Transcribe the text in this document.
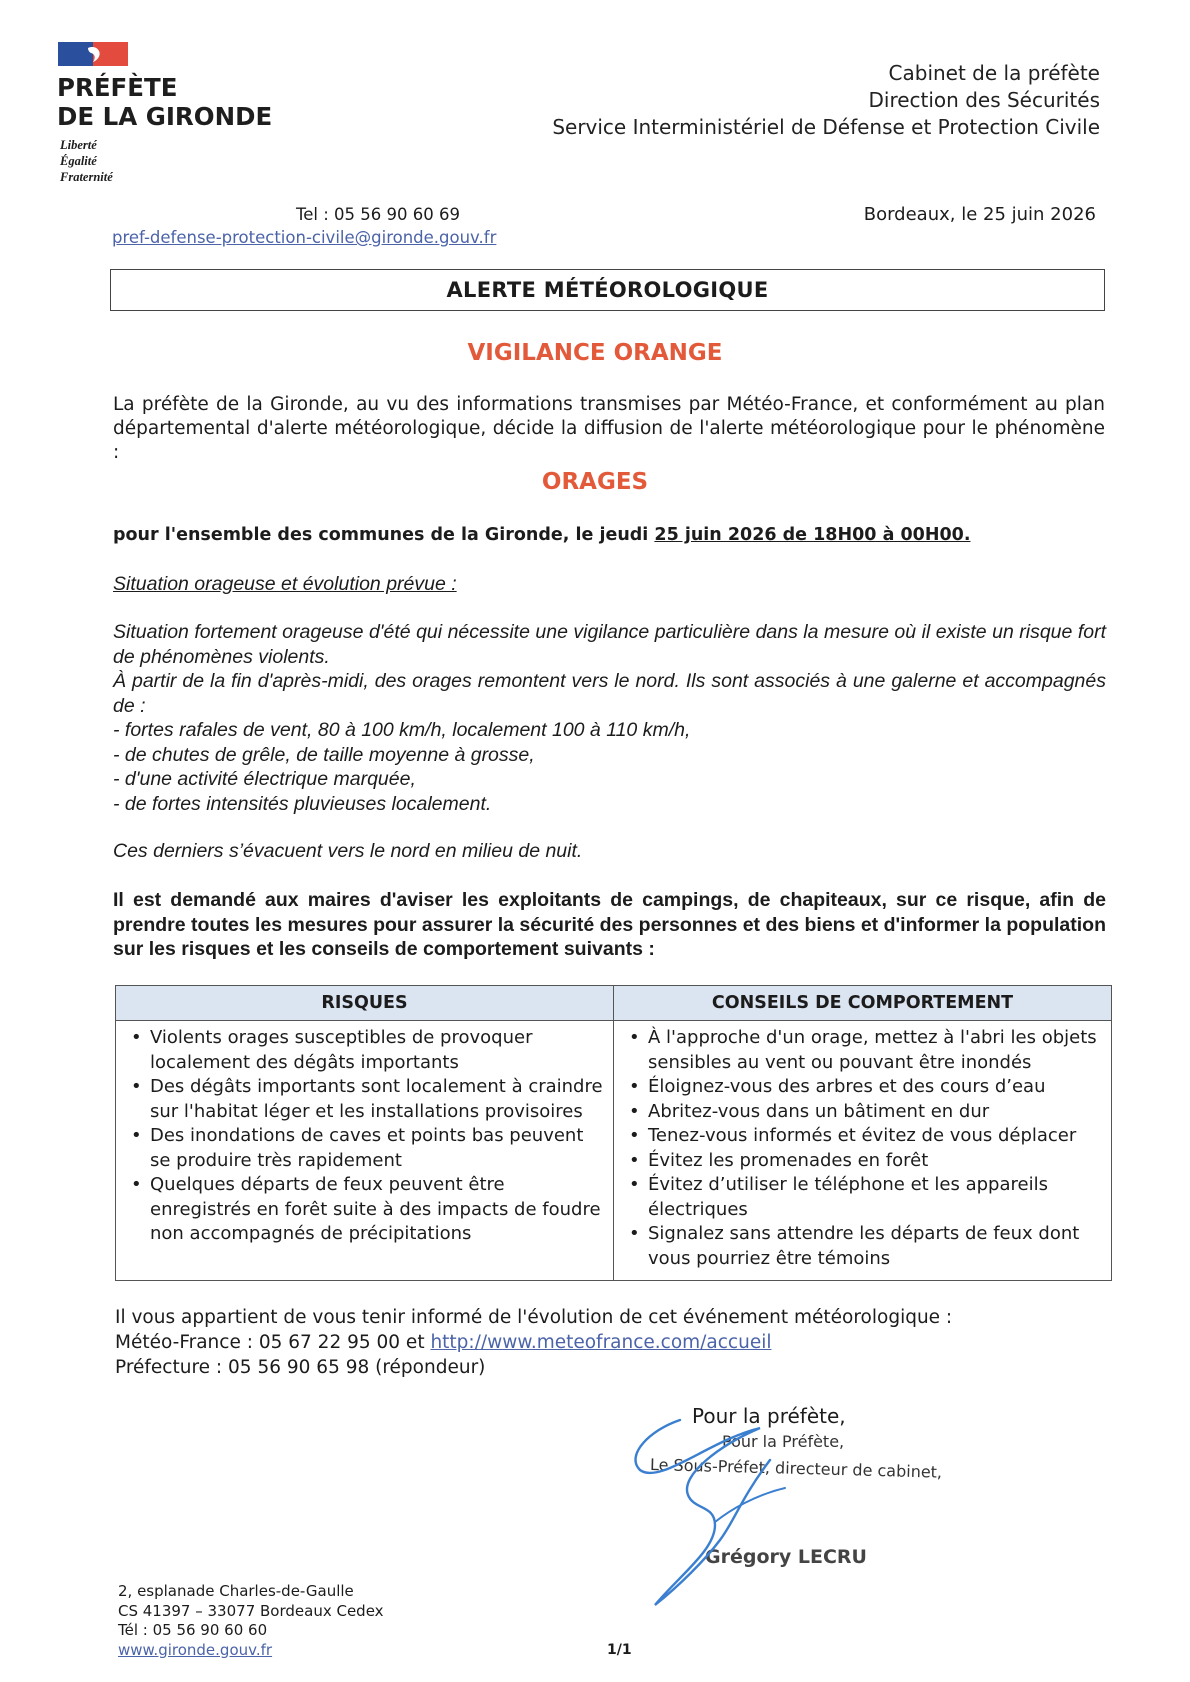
PRÉFÈTE
DE LA GIRONDE
Liberté
Égalité
Fraternité
Cabinet de la préfète
Direction des Sécurités
Service Interministériel de Défense et Protection Civile
Tel : 05 56 90 60 69
pref-defense-protection-civile@gironde.gouv.fr
Bordeaux, le 25 juin 2026
ALERTE MÉTÉOROLOGIQUE
VIGILANCE ORANGE

La préfète de la Gironde, au vu des informations transmises par Météo-France, et conformément au plan départemental d'alerte météorologique, décide la diffusion de l'alerte météorologique pour le phénomène :

ORAGES
pour l'ensemble des communes de la Gironde, le jeudi 25 juin 2026 de 18H00 à 00H00.
Situation orageuse et évolution prévue :

Situation fortement orageuse d'été qui nécessite une vigilance particulière dans la mesure où il existe un risque fort de phénomènes violents.

À partir de la fin d'après-midi, des orages remontent vers le nord. Ils sont associés à une galerne et accompagnés de :

- fortes rafales de vent, 80 à 100 km/h, localement 100 à 110 km/h,
- de chutes de grêle, de taille moyenne à grosse,
- d'une activité électrique marquée,
- de fortes intensités pluvieuses localement.
Ces derniers s’évacuent vers le nord en milieu de nuit.

Il est demandé aux maires d'aviser les exploitants de campings, de chapiteaux, sur ce risque, afin de prendre toutes les mesures pour assurer la sécurité des personnes et des biens et d'informer la population sur les risques et les conseils de comportement suivants :

RISQUES
• Violents orages susceptibles de provoquer localement des dégâts importants
• Des dégâts importants sont localement à craindre sur l'habitat léger et les installations provisoires
• Des inondations de caves et points bas peuvent se produire très rapidement
• Quelques départs de feux peuvent être enregistrés en forêt suite à des impacts de foudre non accompagnés de précipitations
CONSEILS DE COMPORTEMENT
• À l'approche d'un orage, mettez à l'abri les objets sensibles au vent ou pouvant être inondés
• Éloignez-vous des arbres et des cours d’eau
• Abritez-vous dans un bâtiment en dur
• Tenez-vous informés et évitez de vous déplacer
• Évitez les promenades en forêt
• Évitez d’utiliser le téléphone et les appareils électriques
• Signalez sans attendre les départs de feux dont vous pourriez être témoins
Il vous appartient de vous tenir informé de l'évolution de cet événement météorologique :
Météo-France : 05 67 22 95 00 et http://www.meteofrance.com/accueil
Préfecture : 05 56 90 65 98 (répondeur)
Pour la préfète,
Pour la Préfète,
Le Sous-Préfet, directeur de cabinet,
Grégory LECRU
2, esplanade Charles-de-Gaulle
CS 41397 – 33077 Bordeaux Cedex
Tél : 05 56 90 60 60
www.gironde.gouv.fr	1/1
